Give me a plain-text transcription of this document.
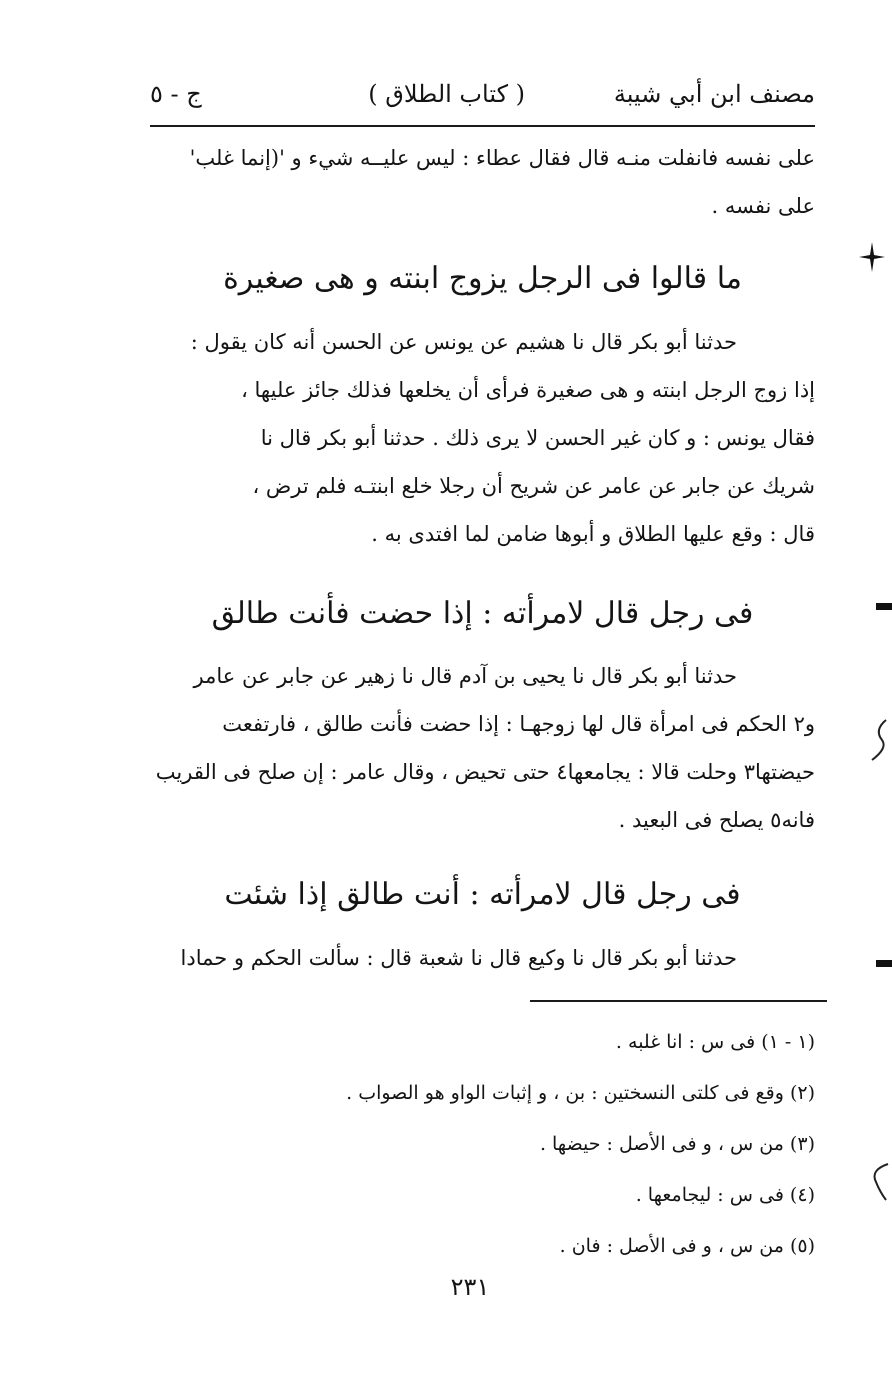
مصنف ابن أبي شيبة
( كتاب الطلاق )
ج - ٥
على نفسه فانفلت منـه قال فقال عطاء : ليس عليــه شيء و '(إنما غلب'
على نفسه .
ما قالوا فى الرجل يزوج ابنته و هى صغيرة
حدثنا أبو بكر قال نا هشيم عن يونس عن الحسن أنه كان يقول :
إذا زوج الرجل ابنته و هى صغيرة فرأى أن يخلعها فذلك جائز عليها ،
فقال يونس : و كان غير الحسن لا يرى ذلك . حدثنا أبو بكر قال نا
شريك عن جابر عن عامر عن شريح أن رجلا خلع ابنتـه فلم ترض ،
قال : وقع عليها الطلاق و أبوها ضامن لما افتدى به .
فى رجل قال لامرأته : إذا حضت فأنت طالق
حدثنا أبو بكر قال نا يحيى بن آدم قال نا زهير عن جابر عن عامر
و٢ الحكم فى امرأة قال لها زوجهـا : إذا حضت فأنت طالق ، فارتفعت
حيضتها٣ وحلت قالا : يجامعها٤ حتى تحيض ، وقال عامر : إن صلح فى القريب
فانه٥ يصلح فى البعيد .
فى رجل قال لامرأته : أنت طالق إذا شئت
حدثنا أبو بكر قال نا وكيع قال نا شعبة قال : سألت الحكم و حمادا
(١ - ١) فى س : انا غلبه .
(٢) وقع فى كلتى النسختين : بن ، و إثبات الواو هو الصواب .
(٣) من س ، و فى الأصل : حيضها .
(٤) فى س : ليجامعها .
(٥) من س ، و فى الأصل : فان .
٢٣١
